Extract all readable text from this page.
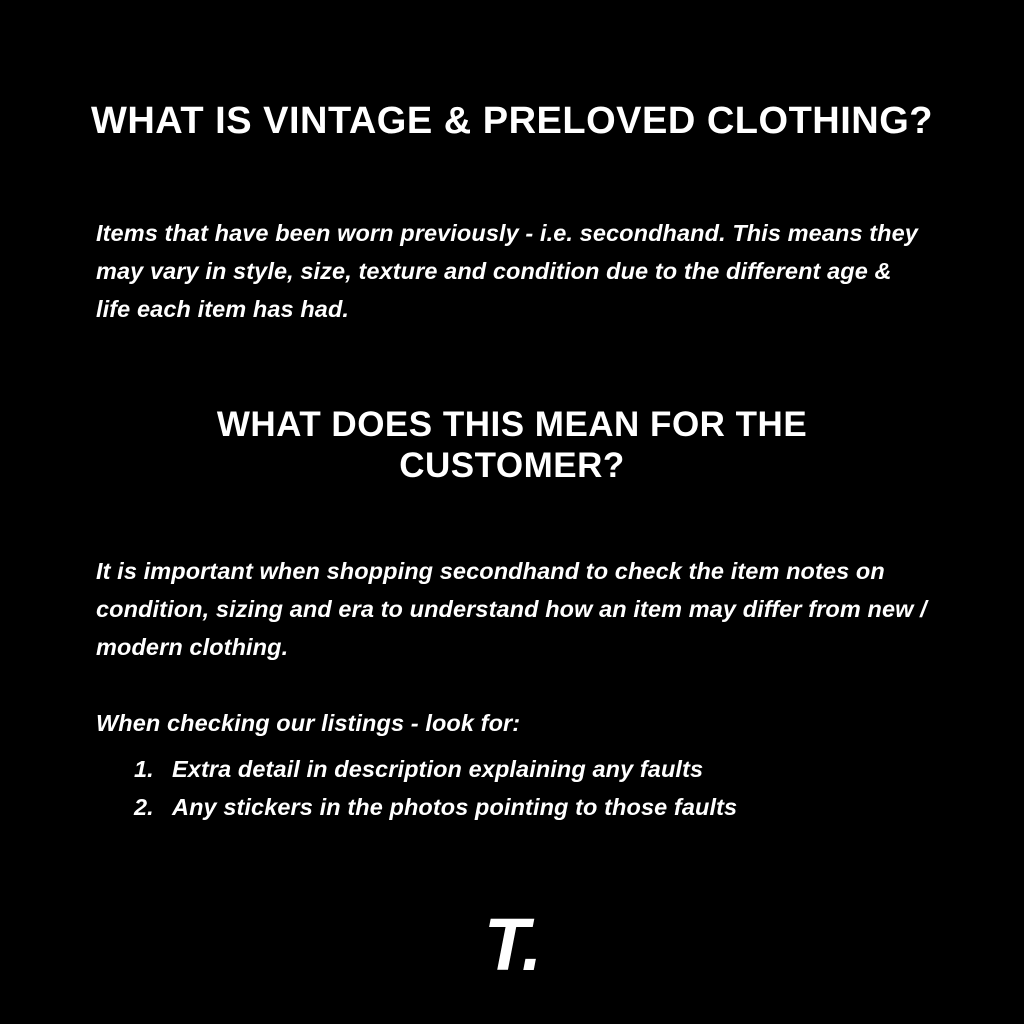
WHAT IS VINTAGE & PRELOVED CLOTHING?

Items that have been worn previously - i.e. secondhand. This means they may vary in style, size, texture and condition due to the different age & life each item has had.

WHAT DOES THIS MEAN FOR THE CUSTOMER?

It is important when shopping secondhand to check the item notes on condition, sizing and era to understand how an item may differ from new / modern clothing.

When checking our listings - look for:

Extra detail in description explaining any faults
Any stickers in the photos pointing to those faults
T.
